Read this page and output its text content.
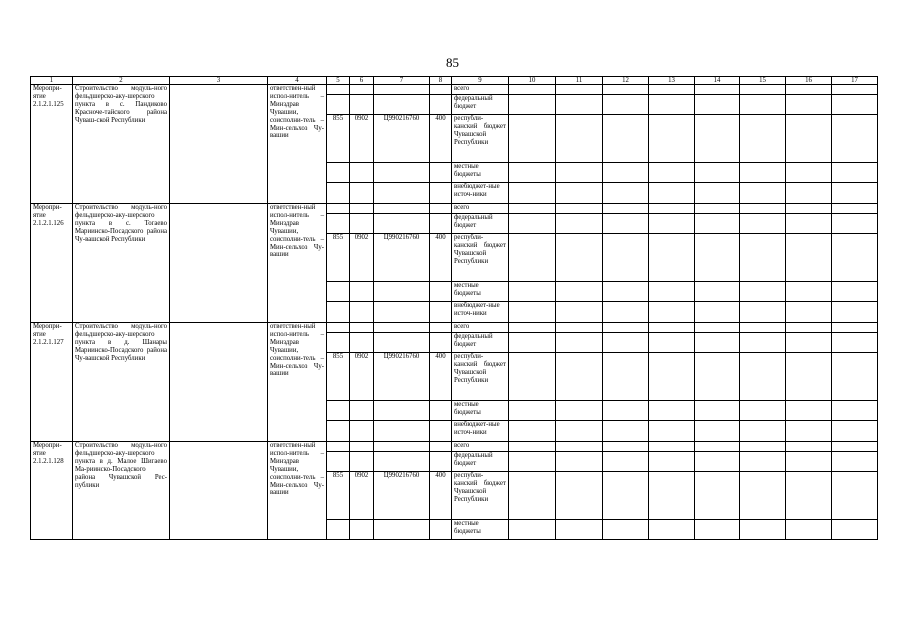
85
1	2	3	4	5	6	7	8	9	10	11	12	13	14	15	16	17
Меропри-ятие 2.1.2.1.125	Строительство модуль-ного фельдшерско-аку-шерского пункта в с. Пандиково Красноче-тайского района Чуваш-ской Республики		ответствен-ный испол-нитель – Минздрав Чувашии, соисполни-тель – Мин-сельхоз Чу-вашии					всего								
								федеральный бюджет								
				855	0902	Ц990216760	400	республи-канский бюджет Чувашской Республики								
								местные бюджеты								
								внебюджет-ные источ-ники								
Меропри-ятие 2.1.2.1.126	Строительство модуль-ного фельдшерско-аку-шерского пункта в с. Тогаево Мариинско-Посадского района Чу-вашской Республики		ответствен-ный испол-нитель – Минздрав Чувашии, соисполни-тель – Мин-сельхоз Чу-вашии					всего								
								федеральный бюджет								
				855	0902	Ц990216760	400	республи-канский бюджет Чувашской Республики								
								местные бюджеты								
								внебюджет-ные источ-ники								
Меропри-ятие 2.1.2.1.127	Строительство модуль-ного фельдшерско-аку-шерского пункта в д. Шанары Мариинско-Посадского района Чу-вашской Республики		ответствен-ный испол-нитель – Минздрав Чувашии, соисполни-тель – Мин-сельхоз Чу-вашии					всего								
								федеральный бюджет								
				855	0902	Ц990216760	400	республи-канский бюджет Чувашской Республики								
								местные бюджеты								
								внебюджет-ные источ-ники								
Меропри-ятие 2.1.2.1.128	Строительство модуль-ного фельдшерско-аку-шерского пункта в д. Малое Шигаево Ма-риинско-Посадского района Чувашской Рес-публики		ответствен-ный испол-нитель – Минздрав Чувашии, соисполни-тель – Мин-сельхоз Чу-вашии					всего								
								федеральный бюджет								
				855	0902	Ц990216760	400	республи-канский бюджет Чувашской Республики								
								местные бюджеты								
